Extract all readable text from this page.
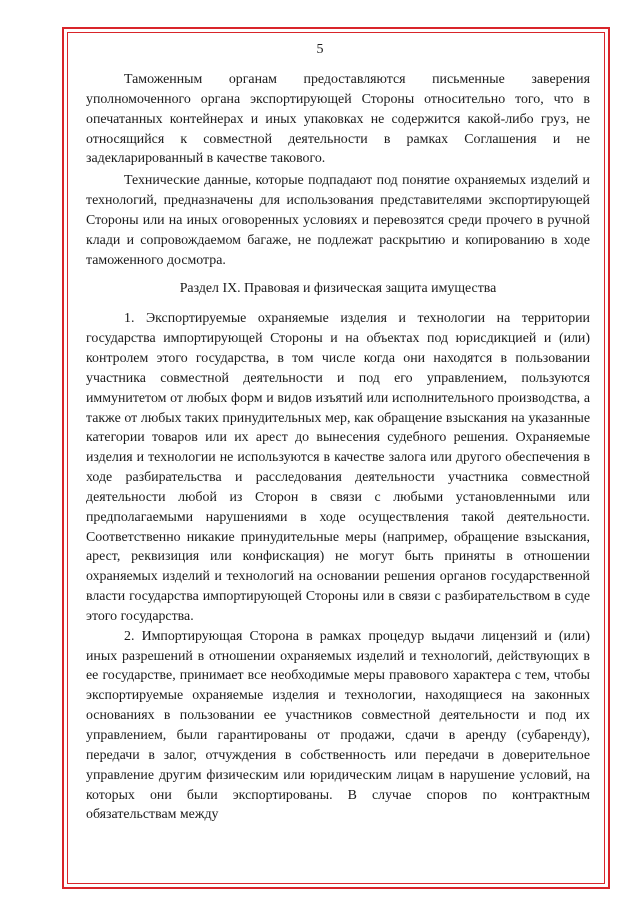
5

Таможенным органам предоставляются письменные заверения уполномоченного органа экспортирующей Стороны относительно того, что в опечатанных контейнерах и иных упаковках не содержится какой-либо груз, не относящийся к совместной деятельности в рамках Соглашения и не задекларированный в качестве такового.

Технические данные, которые подпадают под понятие охраняемых изделий и технологий, предназначены для использования представителями экспортирующей Стороны или на иных оговоренных условиях и перевозятся среди прочего в ручной клади и сопровождаемом багаже, не подлежат раскрытию и копированию в ходе таможенного досмотра.

Раздел IX. Правовая и физическая защита имущества

1. Экспортируемые охраняемые изделия и технологии на территории государства импортирующей Стороны и на объектах под юрисдикцией и (или) контролем этого государства, в том числе когда они находятся в пользовании участника совместной деятельности и под его управлением, пользуются иммунитетом от любых форм и видов изъятий или исполнительного производства, а также от любых таких принудительных мер, как обращение взыскания на указанные категории товаров или их арест до вынесения судебного решения. Охраняемые изделия и технологии не используются в качестве залога или другого обеспечения в ходе разбирательства и расследования деятельности участника совместной деятельности любой из Сторон в связи с любыми установленными или предполагаемыми нарушениями в ходе осуществления такой деятельности. Соответственно никакие принудительные меры (например, обращение взыскания, арест, реквизиция или конфискация) не могут быть приняты в отношении охраняемых изделий и технологий на основании решения органов государственной власти государства импортирующей Стороны или в связи с разбирательством в суде этого государства.

2. Импортирующая Сторона в рамках процедур выдачи лицензий и (или) иных разрешений в отношении охраняемых изделий и технологий, действующих в ее государстве, принимает все необходимые меры правового характера с тем, чтобы экспортируемые охраняемые изделия и технологии, находящиеся на законных основаниях в пользовании ее участников совместной деятельности и под их управлением, были гарантированы от продажи, сдачи в аренду (субаренду), передачи в залог, отчуждения в собственность или передачи в доверительное управление другим физическим или юридическим лицам в нарушение условий, на которых они были экспортированы. В случае споров по контрактным обязательствам между
